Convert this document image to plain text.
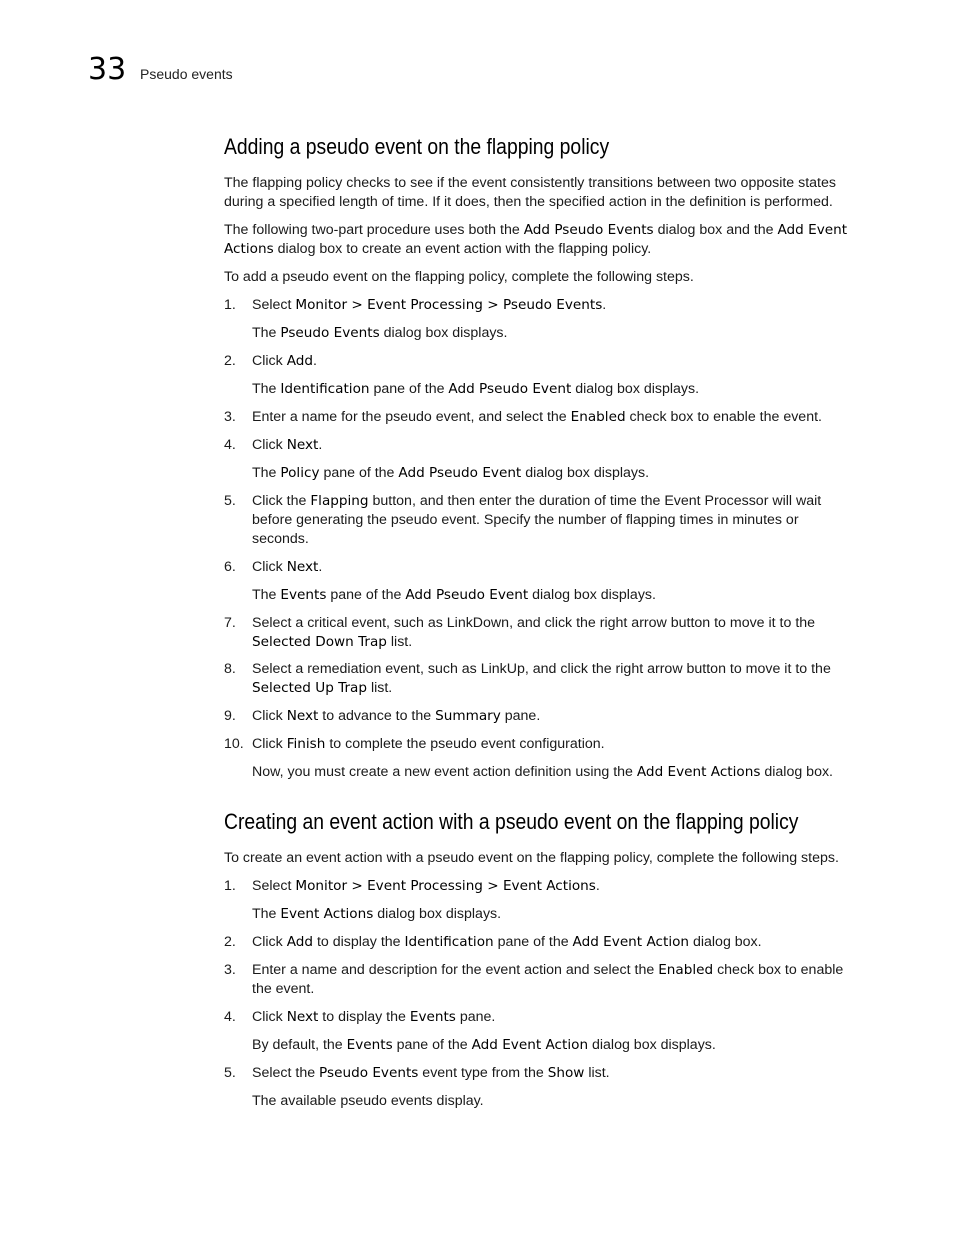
33 Pseudo events
Adding a pseudo event on the flapping policy

The flapping policy checks to see if the event consistently transitions between two opposite states
during a specified length of time. If it does, then the specified action in the definition is performed.

The following two-part procedure uses both the Add Pseudo Events dialog box and the Add Event
Actions dialog box to create an event action with the flapping policy.

To add a pseudo event on the flapping policy, complete the following steps.

1.	Select Monitor > Event Processing > Pseudo Events.

The Pseudo Events dialog box displays.

2.	Click Add.

The Identification pane of the Add Pseudo Event dialog box displays.

3.	Enter a name for the pseudo event, and select the Enabled check box to enable the event.
4.	Click Next.

The Policy pane of the Add Pseudo Event dialog box displays.

5.	Click the Flapping button, and then enter the duration of time the Event Processor will wait
before generating the pseudo event. Specify the number of flapping times in minutes or
seconds.
6.	Click Next.

The Events pane of the Add Pseudo Event dialog box displays.

7.	Select a critical event, such as LinkDown, and click the right arrow button to move it to the
Selected Down Trap list.
8.	Select a remediation event, such as LinkUp, and click the right arrow button to move it to the
Selected Up Trap list.
9.	Click Next to advance to the Summary pane.
10. Click Finish to complete the pseudo event configuration.

Now, you must create a new event action definition using the Add Event Actions dialog box.

Creating an event action with a pseudo event on the flapping policy

To create an event action with a pseudo event on the flapping policy, complete the following steps.

1.	Select Monitor > Event Processing > Event Actions.

The Event Actions dialog box displays.

2.	Click Add to display the Identification pane of the Add Event Action dialog box.
3.	Enter a name and description for the event action and select the Enabled check box to enable
the event.
4.	Click Next to display the Events pane.

By default, the Events pane of the Add Event Action dialog box displays.

5.	Select the Pseudo Events event type from the Show list.

The available pseudo events display.
